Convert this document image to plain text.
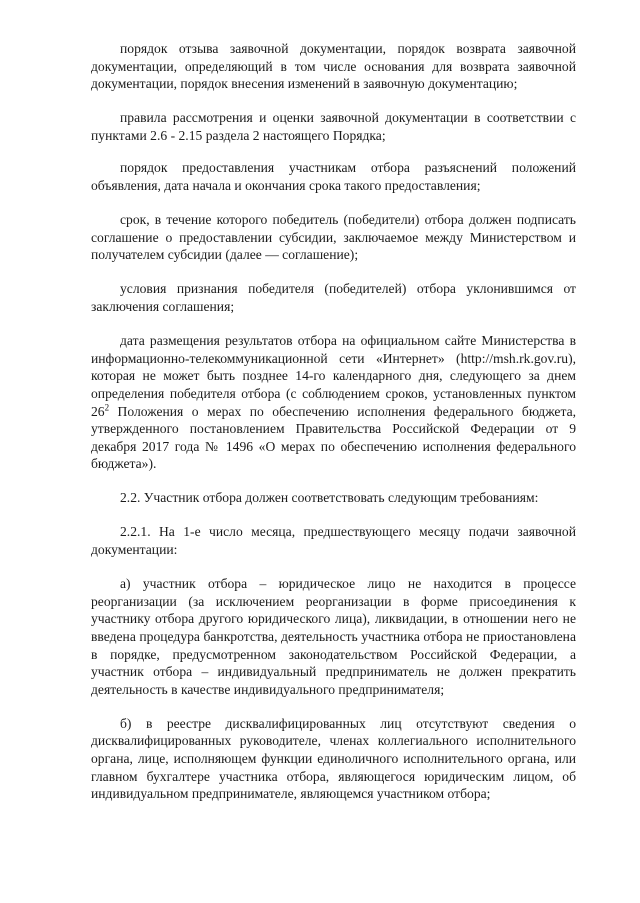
порядок отзыва заявочной документации, порядок возврата заявочной документации, определяющий в том числе основания для возврата заявочной документации, порядок внесения изменений в заявочную документацию;

правила рассмотрения и оценки заявочной документации в соответствии с пунктами 2.6 - 2.15 раздела 2 настоящего Порядка;

порядок предоставления участникам отбора разъяснений положений объявления, дата начала и окончания срока такого предоставления;

срок, в течение которого победитель (победители) отбора должен подписать соглашение о предоставлении субсидии, заключаемое между Министерством и получателем субсидии (далее — соглашение);

условия признания победителя (победителей) отбора уклонившимся от заключения соглашения;

дата размещения результатов отбора на официальном сайте Министерства в информационно-телекоммуникационной сети «Интернет» (http://msh.rk.gov.ru), которая не может быть позднее 14-го календарного дня, следующего за днем определения победителя отбора (с соблюдением сроков, установленных пунктом $26^2$ Положения о мерах по обеспечению исполнения федерального бюджета, утвержденного постановлением Правительства Российской Федерации от 9 декабря 2017 года № 1496 «О мерах по обеспечению исполнения федерального бюджета»).

2.2. Участник отбора должен соответствовать следующим требованиям:

2.2.1. На 1-е число месяца, предшествующего месяцу подачи заявочной документации:

а) участник отбора – юридическое лицо не находится в процессе реорганизации (за исключением реорганизации в форме присоединения к участнику отбора другого юридического лица), ликвидации, в отношении него не введена процедура банкротства, деятельность участника отбора не приостановлена в порядке, предусмотренном законодательством Российской Федерации, а участник отбора – индивидуальный предприниматель не должен прекратить деятельность в качестве индивидуального предпринимателя;

б) в реестре дисквалифицированных лиц отсутствуют сведения о дисквалифицированных руководителе, членах коллегиального исполнительного органа, лице, исполняющем функции единоличного исполнительного органа, или главном бухгалтере участника отбора, являющегося юридическим лицом, об индивидуальном предпринимателе, являющемся участником отбора;
